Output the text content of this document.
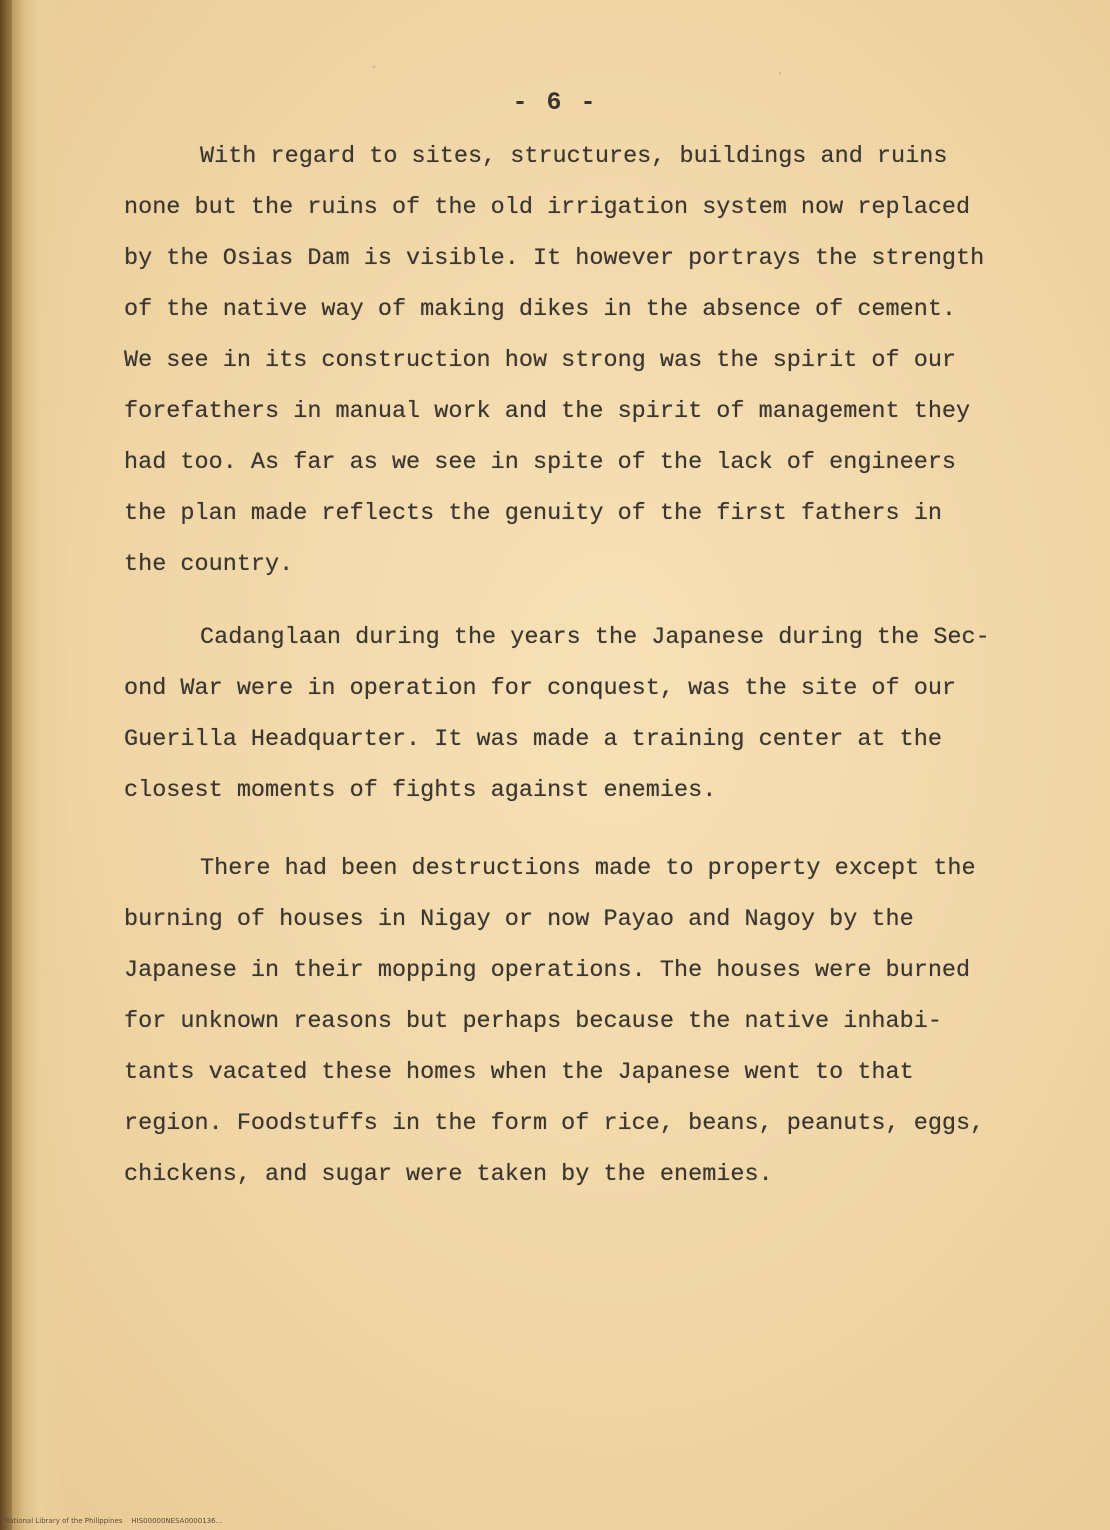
·	·
- 6 -
With regard to sites, structures, buildings and ruins
none but the ruins of the old irrigation system now replaced
by the Osias Dam is visible. It however portrays the strength
of the native way of making dikes in the absence of cement.
We see in its construction how strong was the spirit of our
forefathers in manual work and the spirit of management they
had too. As far as we see in spite of the lack of engineers
the plan made reflects the genuity of the first fathers in
the country.
Cadanglaan during the years the Japanese during the Sec-
ond War were in operation for conquest, was the site of our
Guerilla Headquarter. It was made a training center at the
closest moments of fights against enemies.
There had been destructions made to property except the
burning of houses in Nigay or now Payao and Nagoy by the
Japanese in their mopping operations. The houses were burned
for unknown reasons but perhaps because the native inhabi-
tants vacated these homes when the Japanese went to that
region. Foodstuffs in the form of rice, beans, peanuts, eggs,
chickens, and sugar were taken by the enemies.
National Library of the Philippines    HIS00000NESA0000136...
